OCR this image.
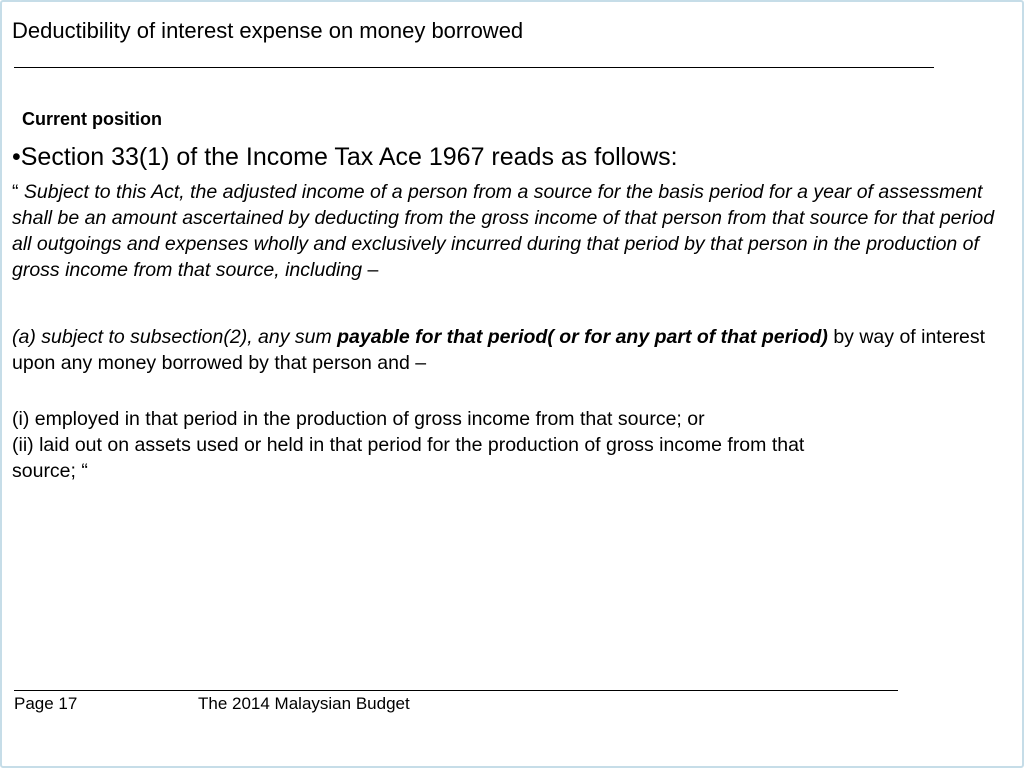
Deductibility of interest expense on money borrowed
Current position
•Section 33(1) of the Income Tax Ace 1967 reads as follows:
“ Subject to this Act, the adjusted income of a person from a source for the basis period for a year of assessment shall be an amount ascertained by deducting from the gross income of that person from that source for that period all outgoings and expenses wholly and exclusively incurred during that period by that person in the production of gross income from that source, including –
(a) subject to subsection(2), any sum payable for that period( or for any part of that period) by way of interest upon any money borrowed by that person and –
(i) employed in that period in the production of gross income from that source; or
(ii) laid out on assets used or held in that period for the production of gross income from that
source; “
Page 17	The 2014 Malaysian Budget
